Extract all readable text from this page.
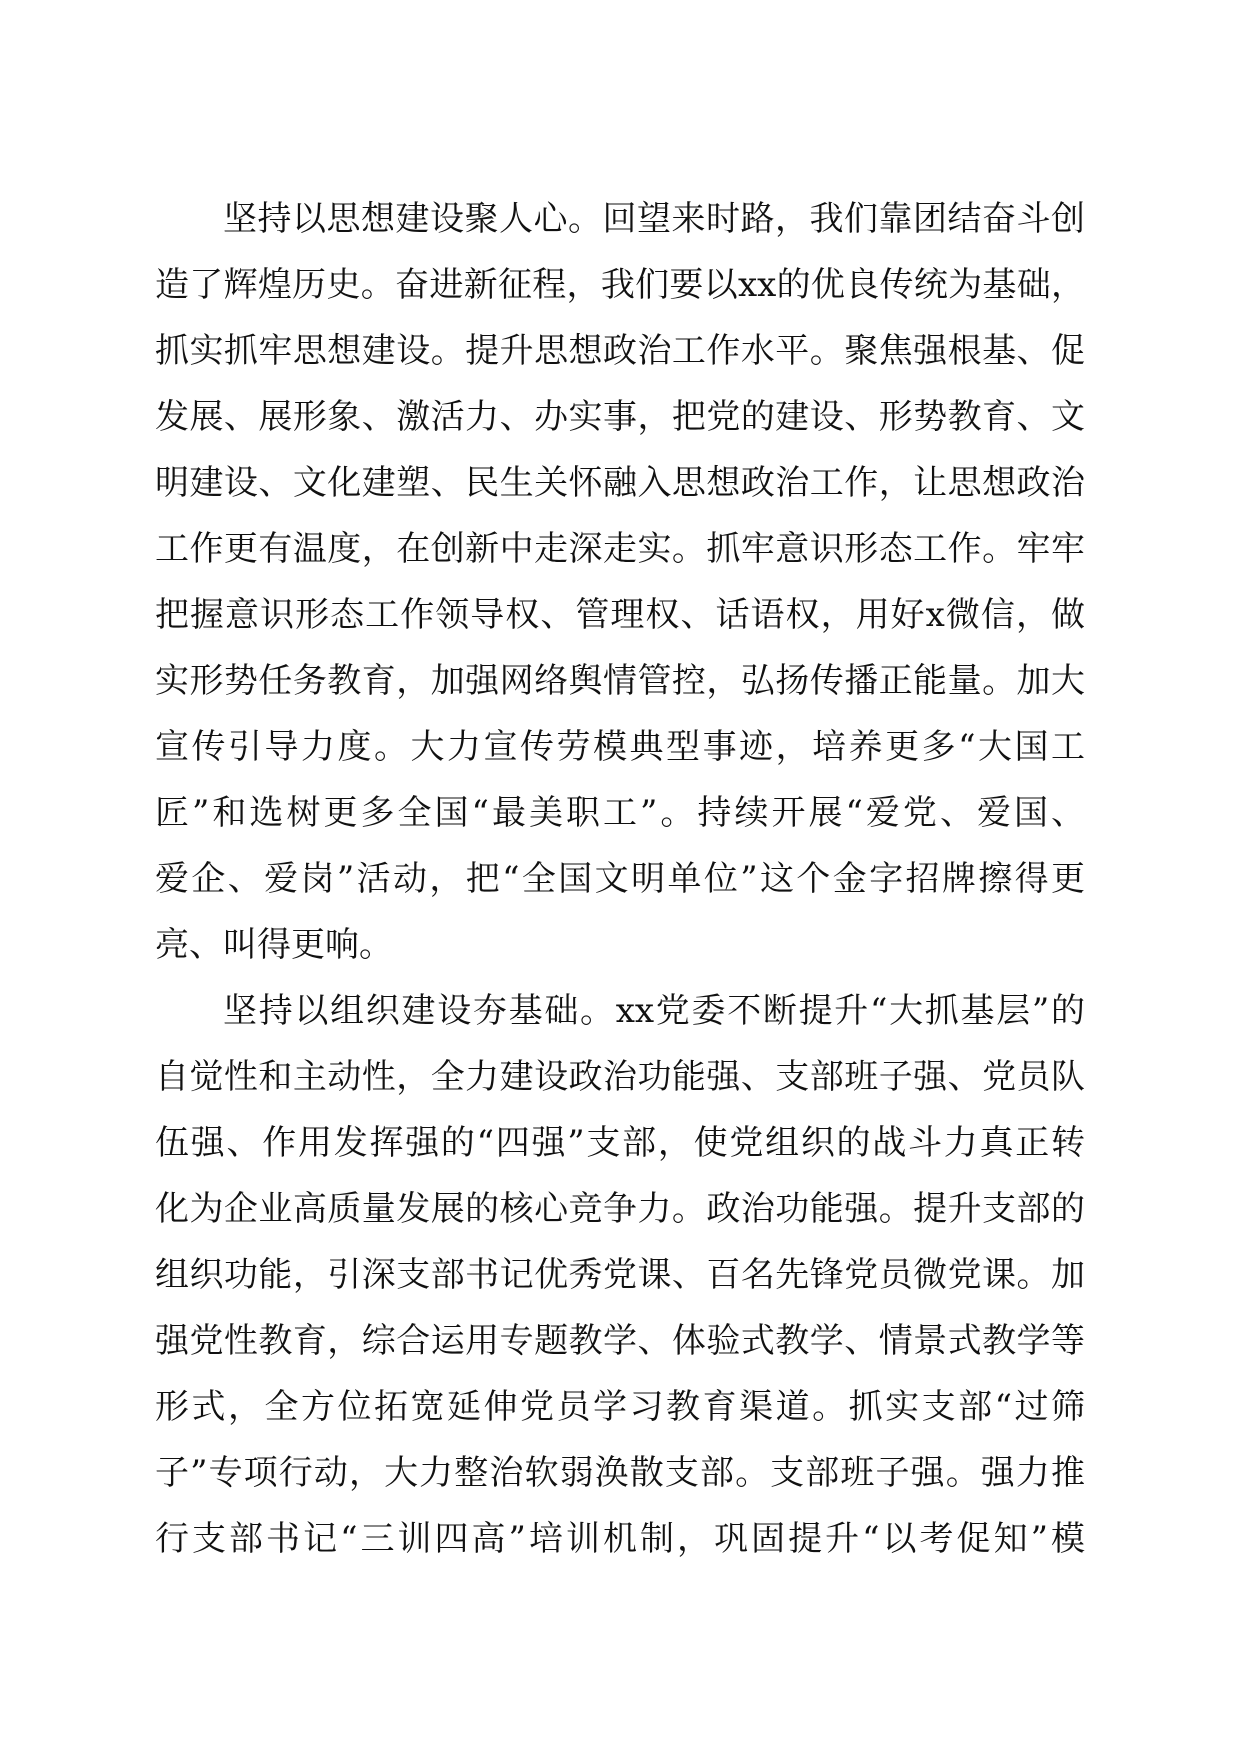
坚持以思想建设聚人心。回望来时路，我们靠团结奋斗创
造了辉煌历史。奋进新征程，我们要以xx的优良传统为基础，
抓实抓牢思想建设。提升思想政治工作水平。聚焦强根基、促
发展、展形象、激活力、办实事，把党的建设、形势教育、文
明建设、文化建塑、民生关怀融入思想政治工作，让思想政治
工作更有温度，在创新中走深走实。抓牢意识形态工作。牢牢
把握意识形态工作领导权、管理权、话语权，用好x微信，做
实形势任务教育，加强网络舆情管控，弘扬传播正能量。加大
宣传引导力度。大力宣传劳模典型事迹，培养更多“大国工
匠”和选树更多全国“最美职工”。持续开展“爱党、爱国、
爱企、爱岗”活动，把“全国文明单位”这个金字招牌擦得更
亮、叫得更响。
坚持以组织建设夯基础。xx党委不断提升“大抓基层”的
自觉性和主动性，全力建设政治功能强、支部班子强、党员队
伍强、作用发挥强的“四强”支部，使党组织的战斗力真正转
化为企业高质量发展的核心竞争力。政治功能强。提升支部的
组织功能，引深支部书记优秀党课、百名先锋党员微党课。加
强党性教育，综合运用专题教学、体验式教学、情景式教学等
形式，全方位拓宽延伸党员学习教育渠道。抓实支部“过筛
子”专项行动，大力整治软弱涣散支部。支部班子强。强力推
行支部书记“三训四高”培训机制，巩固提升“以考促知”模
